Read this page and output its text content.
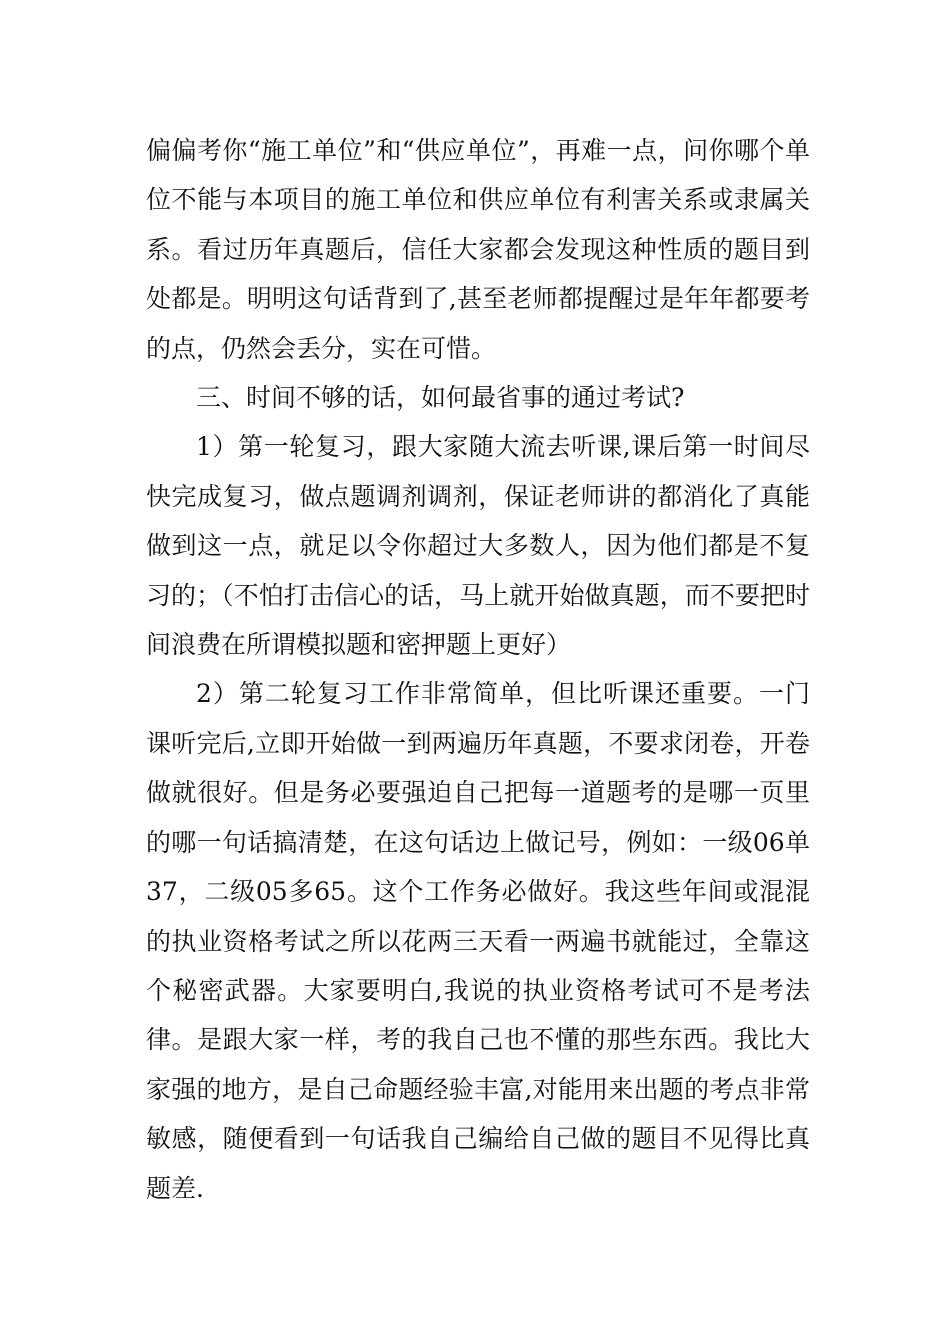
偏偏考你“施工单位”和“供应单位”，再难一点，问你哪个单位不能与本项目的施工单位和供应单位有利害关系或隶属关系。看过历年真题后，信任大家都会发现这种性质的题目到处都是。明明这句话背到了,甚至老师都提醒过是年年都要考的点，仍然会丢分，实在可惜。

三、时间不够的话，如何最省事的通过考试?

1）第一轮复习，跟大家随大流去听课,课后第一时间尽快完成复习，做点题调剂调剂，保证老师讲的都消化了真能做到这一点，就足以令你超过大多数人，因为他们都是不复习的；（不怕打击信心的话，马上就开始做真题，而不要把时间浪费在所谓模拟题和密押题上更好）

2）第二轮复习工作非常简单，但比听课还重要。一门课听完后,立即开始做一到两遍历年真题，不要求闭卷，开卷做就很好。但是务必要强迫自己把每一道题考的是哪一页里的哪一句话搞清楚，在这句话边上做记号，例如：一级06单37，二级05多65。这个工作务必做好。我这些年间或混混的执业资格考试之所以花两三天看一两遍书就能过，全靠这个秘密武器。大家要明白,我说的执业资格考试可不是考法律。是跟大家一样，考的我自己也不懂的那些东西。我比大家强的地方，是自己命题经验丰富,对能用来出题的考点非常敏感，随便看到一句话我自己编给自己做的题目不见得比真题差.
